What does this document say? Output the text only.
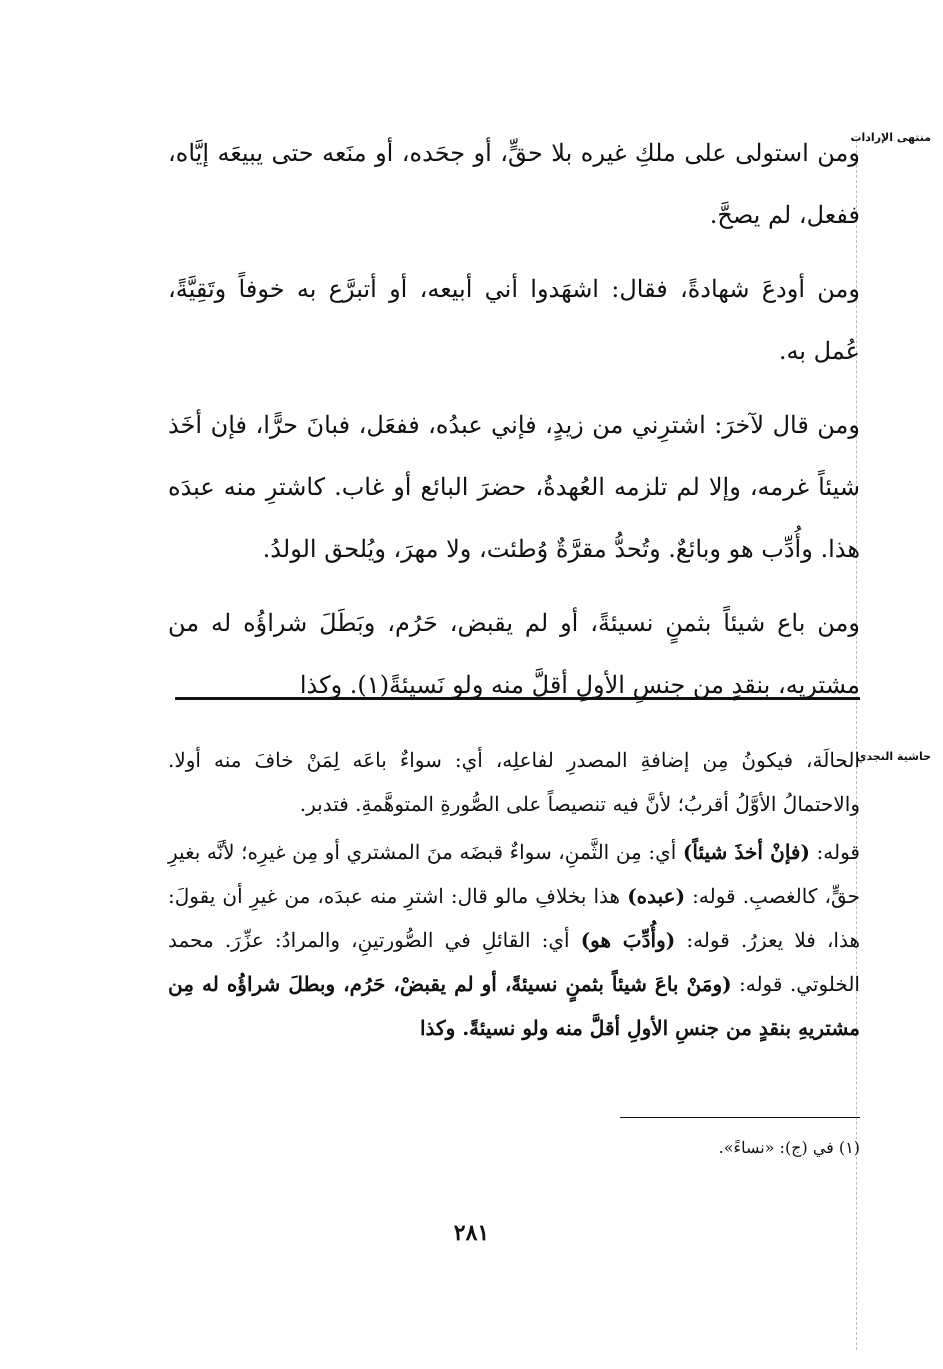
منتهى الإرادات
حاشية النجدي

ومن استولى على ملكِ غيره بلا حقٍّ، أو جحَده، أو منَعه حتى يبيعَه إيَّاه، ففعل، لم يصحَّ.

ومن أودعَ شهادةً، فقال: اشهَدوا أني أبيعه، أو أتبرَّع به خوفاً وتَقِيَّةً، عُمل به.

ومن قال لآخرَ: اشترِني من زيدٍ، فإني عبدُه، ففعَل، فبانَ حرًّا، فإن أخَذ شيئاً غرمه، وإلا لم تلزمه العُهدةُ، حضرَ البائع أو غاب. كاشترِ منه عبدَه هذا. وأُدِّب هو وبائعٌ. وتُحدُّ مقرَّةٌ وُطئت، ولا مهرَ، ويُلحق الولدُ.

ومن باع شيئاً بثمنٍ نسيئةً، أو لم يقبض، حَرُم، وبَطَلَ شراؤُه له من مشتريه، بنقدٍ من جنسِ الأولِ أقلَّ منه ولو نَسيئةً(١). وكذا

الحالَة، فيكونُ مِن إضافةِ المصدرِ لفاعلِه، أي: سواءٌ باعَه لِمَنْ خافَ منه أولا. والاحتمالُ الأوَّلُ أقربُ؛ لأنَّ فيه تنصيصاً على الصُّورةِ المتوهَّمةِ. فتدبر.

قوله: (فإنْ أخذَ شيئاً) أي: مِن الثَّمنِ، سواءٌ قبضَه منَ المشتري أو مِن غيرِه؛ لأنَّه بغيرِ حقٍّ، كالغصبِ. قوله: (عبده) هذا بخلافِ مالو قال: اشترِ منه عبدَه، من غيرِ أن يقولَ: هذا، فلا يعزرُ. قوله: (وأُدِّبَ هو) أي: القائلِ في الصُّورتينِ، والمرادُ: عزِّرَ. محمد الخلوتي. قوله: (ومَنْ باعَ شيئاً بثمنٍ نسيئةً، أو لم يقبضْ، حَرُم، وبطلَ شراؤُه له مِن مشتريهِ بنقدٍ من جنسِ الأولِ أقلَّ منه ولو نسيئةً. وكذا

(١) في (ج): «نساءً».
٢٨١
